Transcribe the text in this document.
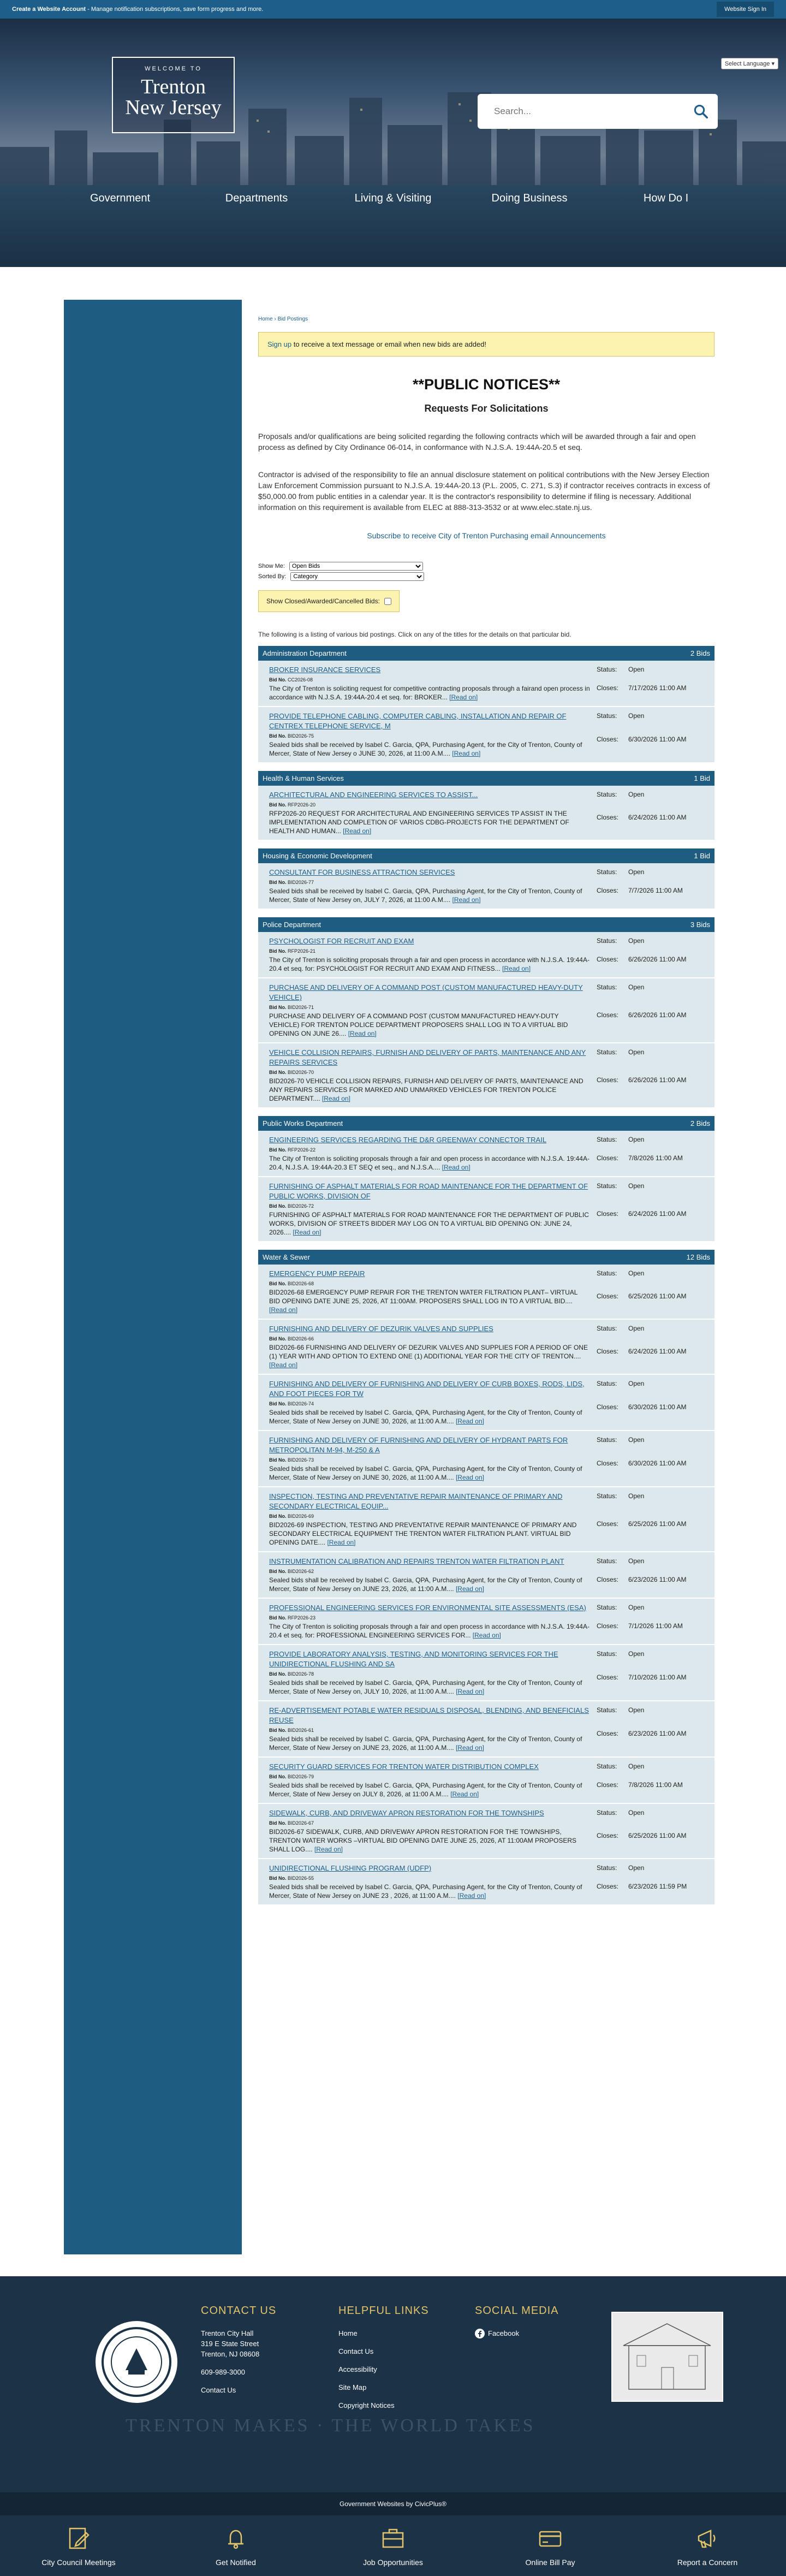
Create a Website Account - Manage notification subscriptions, save form progress and more.	Website Sign In
WELCOME TO
Trenton
New Jersey
Select Language ▾
Search...
Government	Departments	Living & Visiting	Doing Business	How Do I
Home › Bid Postings
Sign up to receive a text message or email when new bids are added!
**PUBLIC NOTICES**
Requests For Solicitations

Proposals and/or qualifications are being solicited regarding the following contracts which will be awarded through a fair and open process as defined by City Ordinance 06-014, in conformance with N.J.S.A. 19:44A-20.5 et seq.

Contractor is advised of the responsibility to file an annual disclosure statement on political contributions with the New Jersey Election Law Enforcement Commission pursuant to N.J.S.A. 19:44A-20.13 (P.L. 2005, C. 271, S.3) if contractor receives contracts in excess of $50,000.00 from public entities in a calendar year. It is the contractor's responsibility to determine if filing is necessary. Additional information on this requirement is available from ELEC at 888-313-3532 or at www.elec.state.nj.us.

Subscribe to receive City of Trenton Purchasing email Announcements
Show Me:
Open Bids
Sorted By:
Category
Show Closed/Awarded/Cancelled Bids:

The following is a listing of various bid postings. Click on any of the titles for the details on that particular bid.

Administration Department	2 Bids
BROKER INSURANCE SERVICES
Bid No. CC2026-08
The City of Trenton is soliciting request for competitive contracting proposals through a fairand open process in accordance with N.J.S.A. 19:44A-20.4 et seq. for: BROKER... [Read on]
Status:	Open
Closes:	7/17/2026 11:00 AM
PROVIDE TELEPHONE CABLING, COMPUTER CABLING, INSTALLATION AND REPAIR OF CENTREX TELEPHONE SERVICE, M
Bid No. BID2026-75
Sealed bids shall be received by Isabel C. Garcia, QPA, Purchasing Agent, for the City of Trenton, County of Mercer, State of New Jersey o JUNE 30, 2026, at 11:00 A.M.... [Read on]
Status:	Open
Closes:	6/30/2026 11:00 AM
Health & Human Services	1 Bid
ARCHITECTURAL AND ENGINEERING SERVICES TO ASSIST...
Bid No. RFP2026-20
RFP2026-20 REQUEST FOR ARCHITECTURAL AND ENGINEERING SERVICES TP ASSIST IN THE IMPLEMENTATION AND COMPLETION OF VARIOS CDBG-PROJECTS FOR THE DEPARTMENT OF HEALTH AND HUMAN... [Read on]
Status:	Open
Closes:	6/24/2026 11:00 AM
Housing & Economic Development	1 Bid
CONSULTANT FOR BUSINESS ATTRACTION SERVICES
Bid No. BID2026-77
Sealed bids shall be received by Isabel C. Garcia, QPA, Purchasing Agent, for the City of Trenton, County of Mercer, State of New Jersey on, JULY 7, 2026, at 11:00 A.M.... [Read on]
Status:	Open
Closes:	7/7/2026 11:00 AM
Police Department	3 Bids
PSYCHOLOGIST FOR RECRUIT AND EXAM
Bid No. RFP2026-21
The City of Trenton is soliciting proposals through a fair and open process in accordance with N.J.S.A. 19:44A-20.4 et seq. for: PSYCHOLOGIST FOR RECRUIT AND EXAM AND FITNESS... [Read on]
Status:	Open
Closes:	6/26/2026 11:00 AM
PURCHASE AND DELIVERY OF A COMMAND POST (CUSTOM MANUFACTURED HEAVY-DUTY VEHICLE)
Bid No. BID2026-71
PURCHASE AND DELIVERY OF A COMMAND POST (CUSTOM MANUFACTURED HEAVY-DUTY VEHICLE) FOR TRENTON POLICE DEPARTMENT PROPOSERS SHALL LOG IN TO A VIRTUAL BID OPENING ON JUNE 26.... [Read on]
Status:	Open
Closes:	6/26/2026 11:00 AM
VEHICLE COLLISION REPAIRS, FURNISH AND DELIVERY OF PARTS, MAINTENANCE AND ANY REPAIRS SERVICES
Bid No. BID2026-70
BID2026-70 VEHICLE COLLISION REPAIRS, FURNISH AND DELIVERY OF PARTS, MAINTENANCE AND ANY REPAIRS SERVICES FOR MARKED AND UNMARKED VEHICLES FOR TRENTON POLICE DEPARTMENT.... [Read on]
Status:	Open
Closes:	6/26/2026 11:00 AM
Public Works Department	2 Bids
ENGINEERING SERVICES REGARDING THE D&R GREENWAY CONNECTOR TRAIL
Bid No. RFP2026-22
The City of Trenton is soliciting proposals through a fair and open process in accordance with N.J.S.A. 19:44A-20.4, N.J.S.A. 19:44A-20.3 ET SEQ et seq., and N.J.S.A.... [Read on]
Status:	Open
Closes:	7/8/2026 11:00 AM
FURNISHING OF ASPHALT MATERIALS FOR ROAD MAINTENANCE FOR THE DEPARTMENT OF PUBLIC WORKS, DIVISION OF
Bid No. BID2026-72
FURNISHING OF ASPHALT MATERIALS FOR ROAD MAINTENANCE FOR THE DEPARTMENT OF PUBLIC WORKS, DIVISION OF STREETS BIDDER MAY LOG ON TO A VIRTUAL BID OPENING ON: JUNE 24, 2026.... [Read on]
Status:	Open
Closes:	6/24/2026 11:00 AM
Water & Sewer	12 Bids
EMERGENCY PUMP REPAIR
Bid No. BID2026-68
BID2026-68 EMERGENCY PUMP REPAIR FOR THE TRENTON WATER FILTRATION PLANT– VIRTUAL BID OPENING DATE JUNE 25, 2026, AT 11:00AM. PROPOSERS SHALL LOG IN TO A VIRTUAL BID.... [Read on]
Status:	Open
Closes:	6/25/2026 11:00 AM
FURNISHING AND DELIVERY OF DEZURIK VALVES AND SUPPLIES
Bid No. BID2026-66
BID2026-66 FURNISHING AND DELIVERY OF DEZURIK VALVES AND SUPPLIES FOR A PERIOD OF ONE (1) YEAR WITH AND OPTION TO EXTEND ONE (1) ADDITIONAL YEAR FOR THE CITY OF TRENTON.... [Read on]
Status:	Open
Closes:	6/24/2026 11:00 AM
FURNISHING AND DELIVERY OF FURNISHING AND DELIVERY OF CURB BOXES, RODS, LIDS, AND FOOT PIECES FOR TW
Bid No. BID2026-74
Sealed bids shall be received by Isabel C. Garcia, QPA, Purchasing Agent, for the City of Trenton, County of Mercer, State of New Jersey on JUNE 30, 2026, at 11:00 A.M.... [Read on]
Status:	Open
Closes:	6/30/2026 11:00 AM
FURNISHING AND DELIVERY OF FURNISHING AND DELIVERY OF HYDRANT PARTS FOR METROPOLITAN M-94, M-250 & A
Bid No. BID2026-73
Sealed bids shall be received by Isabel C. Garcia, QPA, Purchasing Agent, for the City of Trenton, County of Mercer, State of New Jersey on JUNE 30, 2026, at 11:00 A.M.... [Read on]
Status:	Open
Closes:	6/30/2026 11:00 AM
INSPECTION, TESTING AND PREVENTATIVE REPAIR MAINTENANCE OF PRIMARY AND SECONDARY ELECTRICAL EQUIP...
Bid No. BID2026-69
BID2026-69 INSPECTION, TESTING AND PREVENTATIVE REPAIR MAINTENANCE OF PRIMARY AND SECONDARY ELECTRICAL EQUIPMENT THE TRENTON WATER FILTRATION PLANT. VIRTUAL BID OPENING DATE.... [Read on]
Status:	Open
Closes:	6/25/2026 11:00 AM
INSTRUMENTATION CALIBRATION AND REPAIRS TRENTON WATER FILTRATION PLANT
Bid No. BID2026-62
Sealed bids shall be received by Isabel C. Garcia, QPA, Purchasing Agent, for the City of Trenton, County of Mercer, State of New Jersey on JUNE 23, 2026, at 11:00 A.M.... [Read on]
Status:	Open
Closes:	6/23/2026 11:00 AM
PROFESSIONAL ENGINEERING SERVICES FOR ENVIRONMENTAL SITE ASSESSMENTS (ESA)
Bid No. RFP2026-23
The City of Trenton is soliciting proposals through a fair and open process in accordance with N.J.S.A. 19:44A-20.4 et seq. for: PROFESSIONAL ENGINEERING SERVICES FOR... [Read on]
Status:	Open
Closes:	7/1/2026 11:00 AM
PROVIDE LABORATORY ANALYSIS, TESTING, AND MONITORING SERVICES FOR THE UNIDIRECTIONAL FLUSHING AND SA
Bid No. BID2026-78
Sealed bids shall be received by Isabel C. Garcia, QPA, Purchasing Agent, for the City of Trenton, County of Mercer, State of New Jersey on, JULY 10, 2026, at 11:00 A.M.... [Read on]
Status:	Open
Closes:	7/10/2026 11:00 AM
RE-ADVERTISEMENT POTABLE WATER RESIDUALS DISPOSAL, BLENDING, AND BENEFICIALS REUSE
Bid No. BID2026-61
Sealed bids shall be received by Isabel C. Garcia, QPA, Purchasing Agent, for the City of Trenton, County of Mercer, State of New Jersey on JUNE 23, 2026, at 11:00 A.M.... [Read on]
Status:	Open
Closes:	6/23/2026 11:00 AM
SECURITY GUARD SERVICES FOR TRENTON WATER DISTRIBUTION COMPLEX
Bid No. BID2026-79
Sealed bids shall be received by Isabel C. Garcia, QPA, Purchasing Agent, for the City of Trenton, County of Mercer, State of New Jersey on JULY 8, 2026, at 11:00 A.M.... [Read on]
Status:	Open
Closes:	7/8/2026 11:00 AM
SIDEWALK, CURB, AND DRIVEWAY APRON RESTORATION FOR THE TOWNSHIPS
Bid No. BID2026-67
BID2026-67 SIDEWALK, CURB, AND DRIVEWAY APRON RESTORATION FOR THE TOWNSHIPS, TRENTON WATER WORKS –VIRTUAL BID OPENING DATE JUNE 25, 2026, AT 11:00AM PROPOSERS SHALL LOG.... [Read on]
Status:	Open
Closes:	6/25/2026 11:00 AM
UNIDIRECTIONAL FLUSHING PROGRAM (UDFP)
Bid No. BID2026-55
Sealed bids shall be received by Isabel C. Garcia, QPA, Purchasing Agent, for the City of Trenton, County of Mercer, State of New Jersey on JUNE 23 , 2026, at 11:00 A.M.... [Read on]
Status:	Open
Closes:	6/23/2026 11:59 PM
CONTACT US
Trenton City Hall
319 E State Street
Trenton, NJ 08608
609-989-3000
Contact Us
HELPFUL LINKS
Home
Contact Us
Accessibility
Site Map
Copyright Notices
SOCIAL MEDIA
Facebook
TRENTON MAKES · THE WORLD TAKES
Government Websites by CivicPlus®
City Council Meetings	Get Notified	Job Opportunities	Online Bill Pay	Report a Concern
